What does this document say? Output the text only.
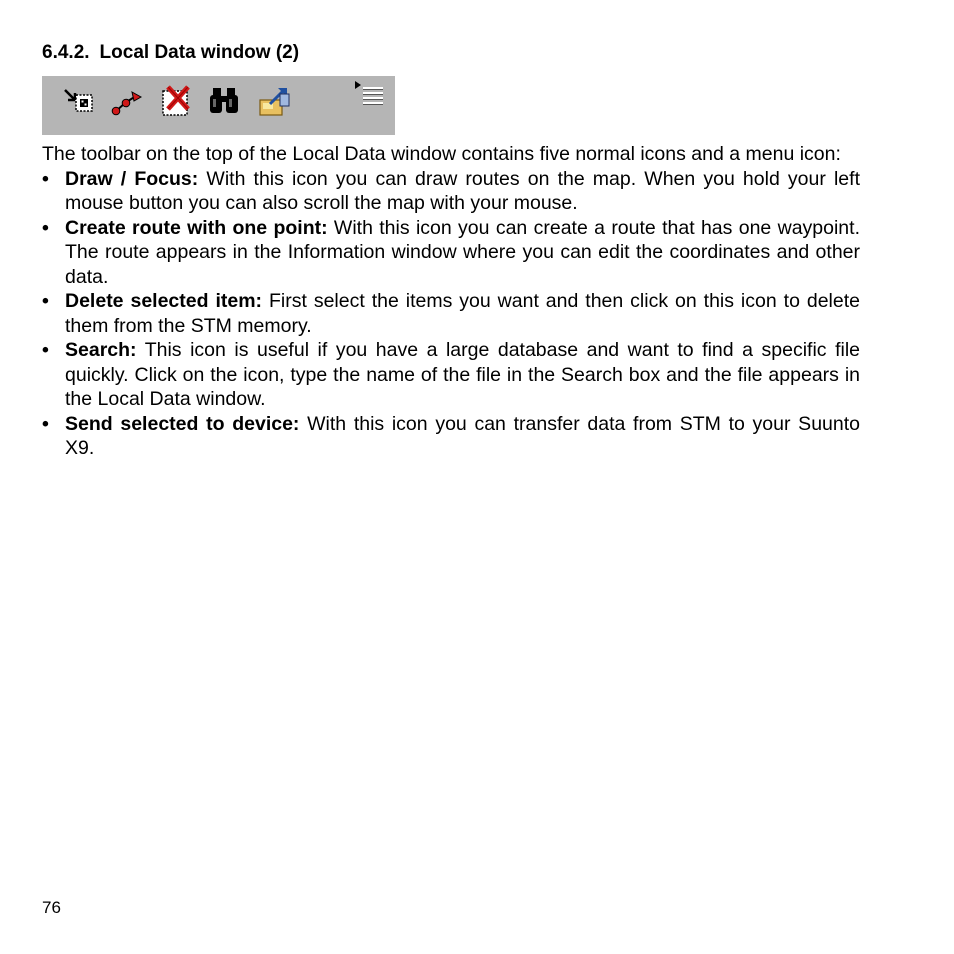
6.4.2. Local Data window (2)

The toolbar on the top of the Local Data window contains five normal icons and a menu icon:

• Draw / Focus: With this icon you can draw routes on the map. When you hold your left mouse button you can also scroll the map with your mouse.
• Create route with one point: With this icon you can create a route that has one waypoint. The route appears in the Information window where you can edit the coordinates and other data.
• Delete selected item: First select the items you want and then click on this icon to delete them from the STM memory.
• Search: This icon is useful if you have a large database and want to find a specific file quickly. Click on the icon, type the name of the file in the Search box and the file appears in the Local Data window.
• Send selected to device: With this icon you can transfer data from STM to your Suunto X9.
76
